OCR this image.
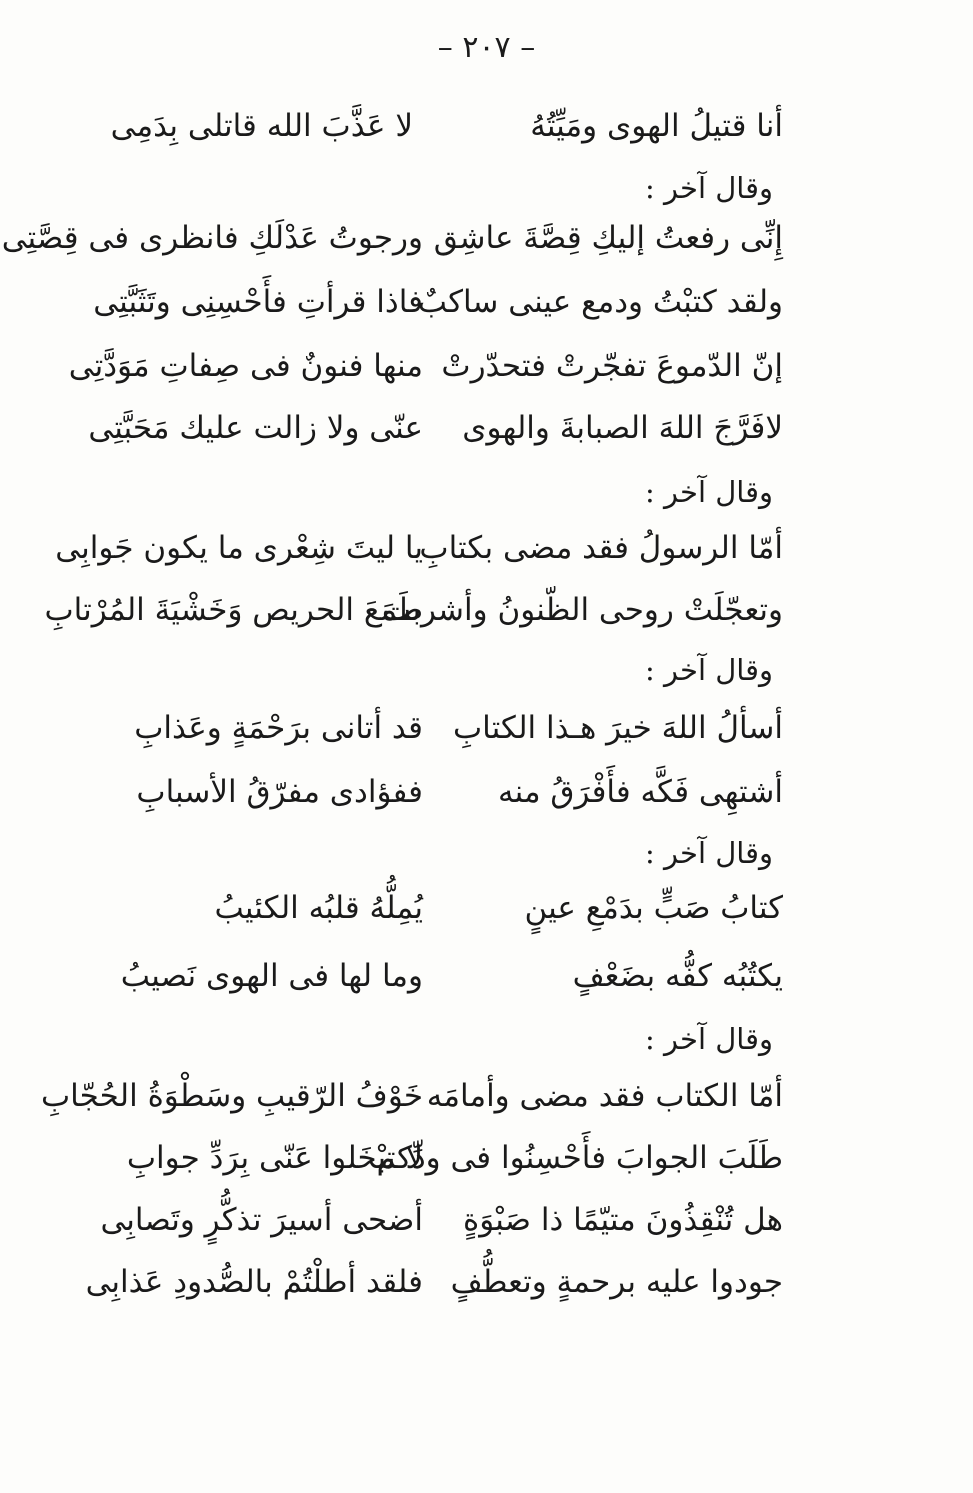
– ٢٠٧ –
أنا قتيلُ الهوى ومَيِّتُهُ
لا عَذَّبَ الله قاتلى بِدَمِى
وقال آخر :
إِنِّى رفعتُ إليكِ قِصَّةَ عاشِق
ورجوتُ عَدْلَكِ فانظرى فى قِصَّتِى
ولقد كتبْتُ ودمع عينى ساكبٌ
فاذا قرأتِ فأَحْسِنِى وتَثَبَّتِى
إنّ الدّموعَ تفجّرتْ فتحدّرتْ
منها فنونٌ فى صِفاتِ مَوَدَّتِى
لافَرَّجَ اللهَ الصبابةَ والهوى
عنّى ولا زالت عليك مَحَبَّتِى
وقال آخر :
أمّا الرسولُ فقد مضى بكتابِ
يا ليتَ شِعْرى ما يكون جَوابِى
وتعجّلَتْ روحى الظّنونُ وأشربت
طَمَعَ الحريص وَخَشْيَةَ المُرْتابِ
وقال آخر :
أسألُ اللهَ خيرَ هـذا الكتابِ
قد أتانى برَحْمَةٍ وعَذابِ
أشتهِى فَكَّه فأَفْرَقُ منه
ففؤادى مفرّقُ الأسبابِ
وقال آخر :
كتابُ صَبٍّ بدَمْعِ عينٍ
يُمِلُّهُ قلبُه الكئيبُ
يكتُبُه كفُّه بضَعْفٍ
وما لها فى الهوى نَصيبُ
وقال آخر :
أمّا الكتاب فقد مضى وأمامَه
خَوْفُ الرّقيبِ وسَطْوَةُ الحُجّابِ
طَلَبَ الجوابَ فأَحْسِنُوا فى ودِّكم
لا تبْخَلوا عَنّى بِرَدِّ جوابِ
هل تُنْقِذُونَ متيّمًا ذا صَبْوَةٍ
أضحى أسيرَ تذكُّرٍ وتَصابِى
جودوا عليه برحمةٍ وتعطُّفٍ
فلقد أطلْتُمْ بالصُّدودِ عَذابِى
